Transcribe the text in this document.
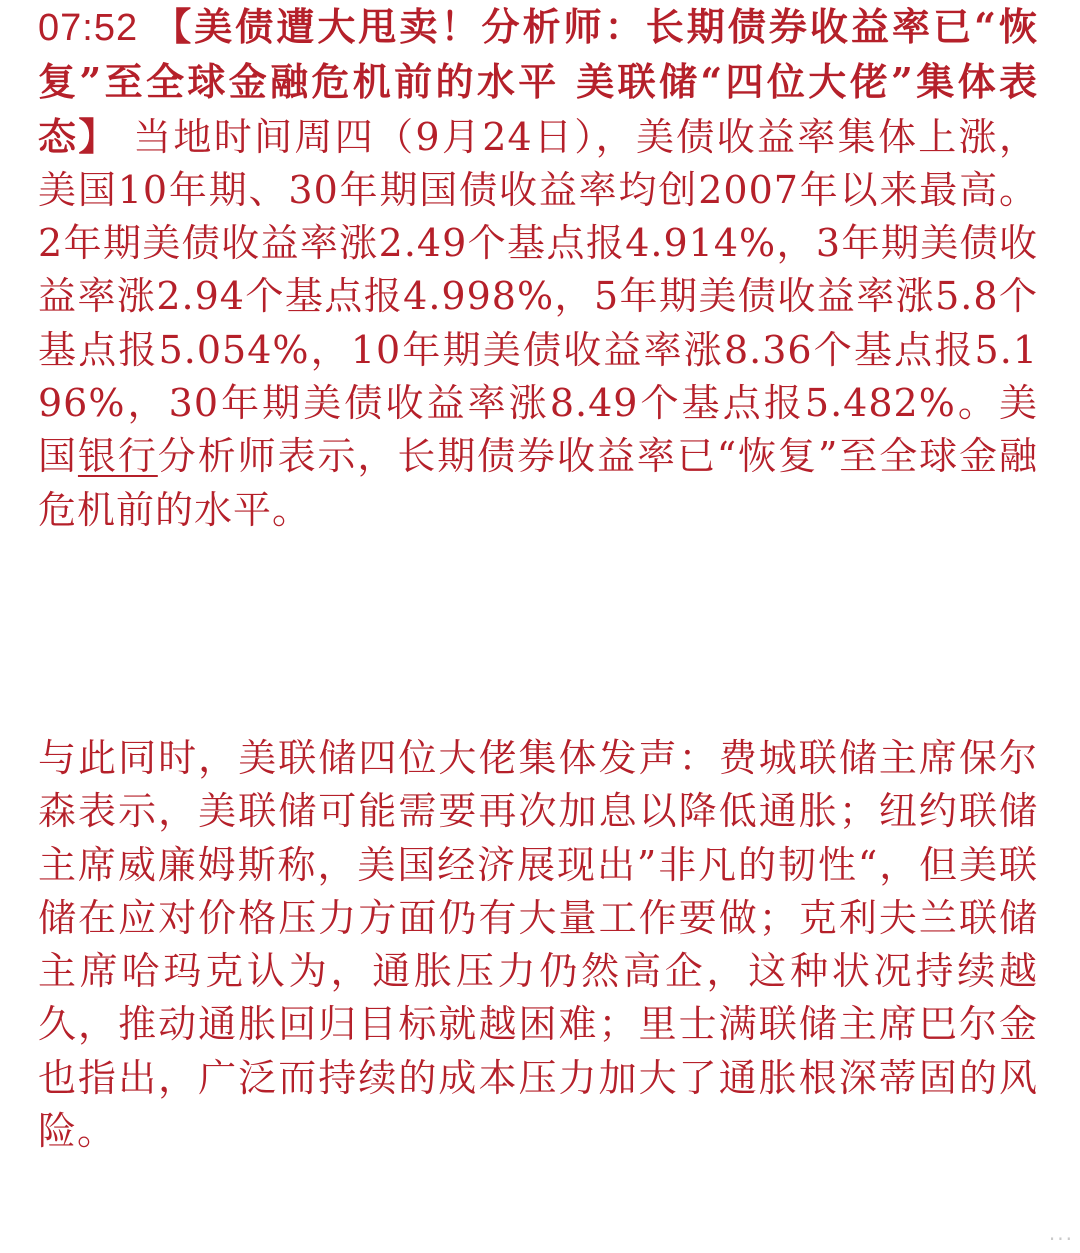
07:52 【美债遭大甩卖！分析师：长期债券收益率已“恢复”至全球金融危机前的水平 美联储“四位大佬”集体表态】 当地时间周四（9月24日），美债收益率集体上涨，美国10年期、30年期国债收益率均创2007年以来最高。2年期美债收益率涨2.49个基点报4.914%，3年期美债收益率涨2.94个基点报4.998%，5年期美债收益率涨5.8个基点报5.054%，10年期美债收益率涨8.36个基点报5.196%，30年期美债收益率涨8.49个基点报5.482%。美国银行分析师表示，长期债券收益率已“恢复”至全球金融危机前的水平。

与此同时，美联储四位大佬集体发声：费城联储主席保尔森表示，美联储可能需要再次加息以降低通胀；纽约联储主席威廉姆斯称，美国经济展现出”非凡的韧性“，但美联储在应对价格压力方面仍有大量工作要做；克利夫兰联储主席哈玛克认为，通胀压力仍然高企，这种状况持续越久，推动通胀回归目标就越困难；里士满联储主席巴尔金也指出，广泛而持续的成本压力加大了通胀根深蒂固的风险。

···
